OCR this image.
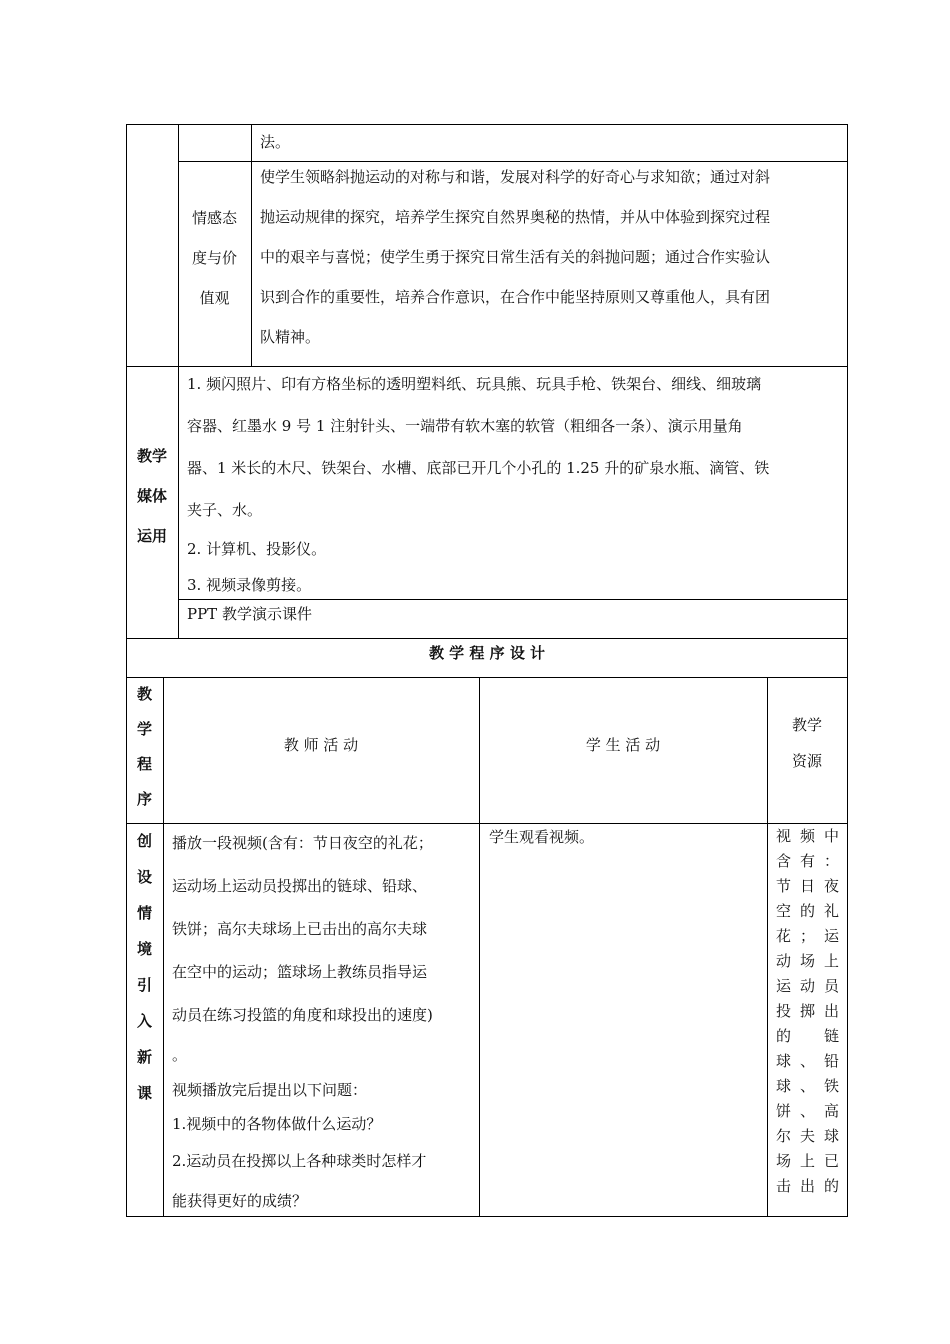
法。
情感态
度与价
值观
使学生领略斜抛运动的对称与和谐，发展对科学的好奇心与求知欲；通过对斜
抛运动规律的探究，培养学生探究自然界奥秘的热情，并从中体验到探究过程
中的艰辛与喜悦；使学生勇于探究日常生活有关的斜抛问题；通过合作实验认
识到合作的重要性，培养合作意识，在合作中能坚持原则又尊重他人，具有团
队精神。
教学
媒体
运用
1. 频闪照片、印有方格坐标的透明塑料纸、玩具熊、玩具手枪、铁架台、细线、细玻璃
容器、红墨水 9 号 1 注射针头、一端带有软木塞的软管（粗细各一条）、演示用量角
器、1 米长的木尺、铁架台、水槽、底部已开几个小孔的 1.25 升的矿泉水瓶、滴管、铁
夹子、水。
2. 计算机、投影仪。
3. 视频录像剪接。
PPT 教学演示课件
教 学 程 序 设 计
教
学
程
序
教 师 活 动	学 生 活 动
教学
资源
创
设
情
境
引
入
新
课
播放一段视频(含有：节日夜空的礼花；
运动场上运动员投掷出的链球、铅球、
铁饼；高尔夫球场上已击出的高尔夫球
在空中的运动；篮球场上教练员指导运
动员在练习投篮的角度和球投出的速度)
。
视频播放完后提出以下问题：
1.视频中的各物体做什么运动？
2.运动员在投掷以上各种球类时怎样才
能获得更好的成绩？
学生观看视频。	视频中
含有：
节日夜
空的礼
花；运
动场上
运动员
投掷出
的　链
球、铅
球、铁
饼、高
尔夫球
场上已
击出的
